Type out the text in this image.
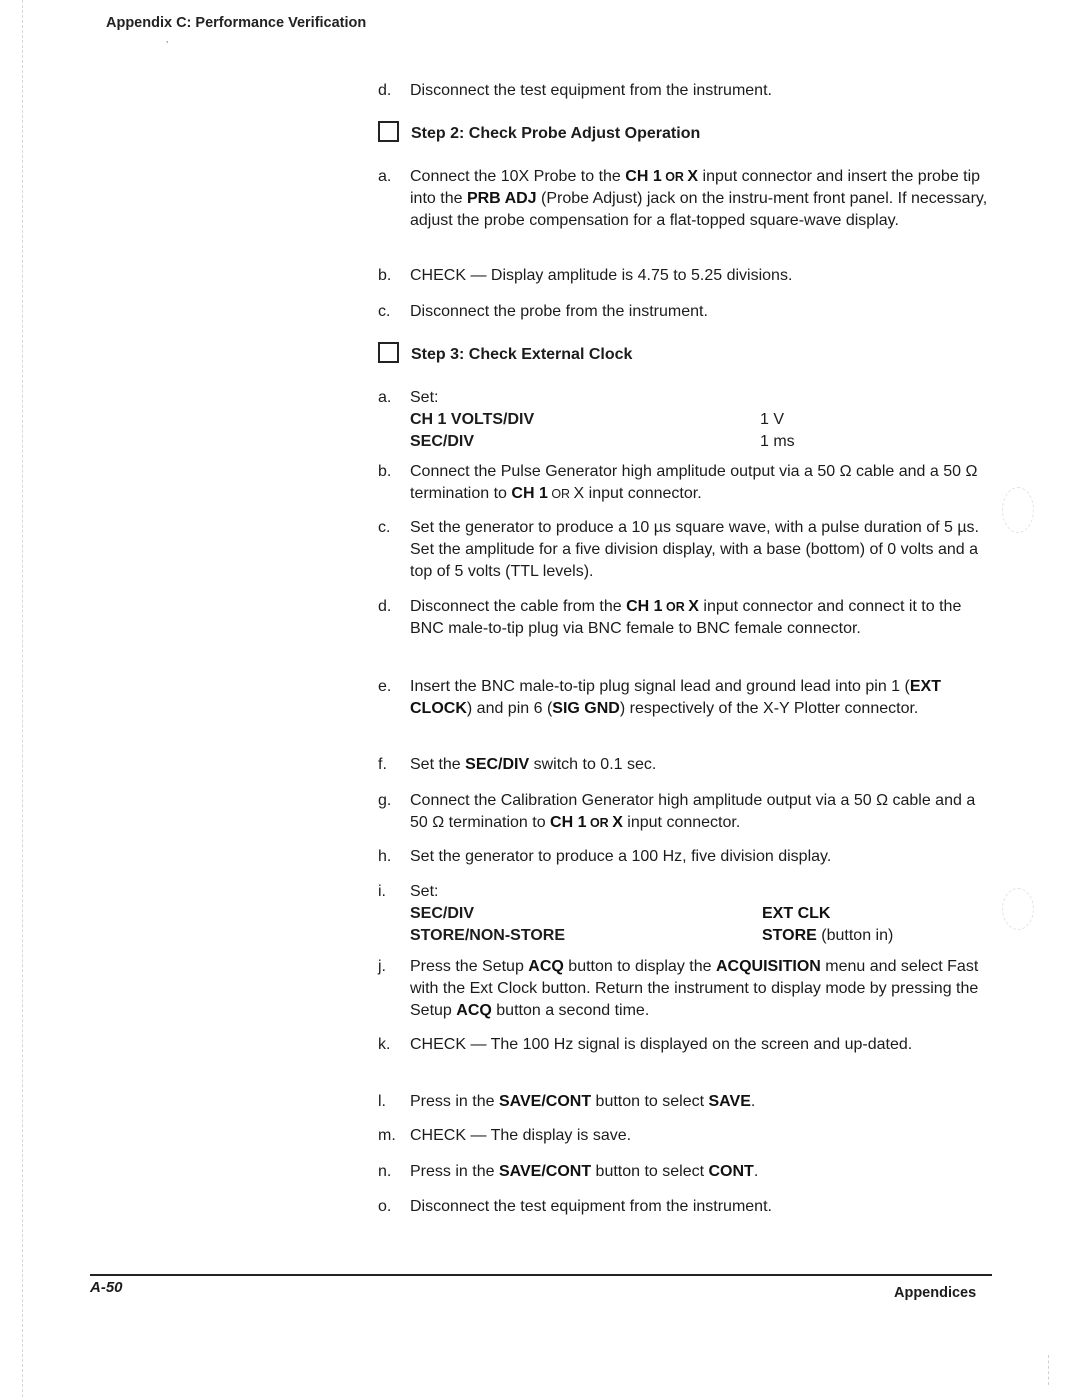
Appendix C: Performance Verification
’
d.	Disconnect the test equipment from the instrument.
Step 2: Check Probe Adjust Operation
a.	Connect the 10X Probe to the CH 1 OR X input connector and insert the probe tip into the PRB ADJ (Probe Adjust) jack on the instru-ment front panel. If necessary, adjust the probe compensation for a flat-topped square-wave display.
b.	CHECK — Display amplitude is 4.75 to 5.25 divisions.
c.	Disconnect the probe from the instrument.
Step 3: Check External Clock
a.	Set:
CH 1 VOLTS/DIV	1 V
SEC/DIV	1 ms
b.	Connect the Pulse Generator high amplitude output via a 50 Ω cable and a 50 Ω termination to CH 1 OR X input connector.
c.	Set the generator to produce a 10 µs square wave, with a pulse duration of 5 µs. Set the amplitude for a five division display, with a base (bottom) of 0 volts and a top of 5 volts (TTL levels).
d.	Disconnect the cable from the CH 1 OR X input connector and connect it to the BNC male-to-tip plug via BNC female to BNC female connector.
e.	Insert the BNC male-to-tip plug signal lead and ground lead into pin 1 (EXT CLOCK) and pin 6 (SIG GND) respectively of the X-Y Plotter connector.
f.	Set the SEC/DIV switch to 0.1 sec.
g.	Connect the Calibration Generator high amplitude output via a 50 Ω cable and a 50 Ω termination to CH 1 OR X input connector.
h.	Set the generator to produce a 100 Hz, five division display.
i.	Set:
SEC/DIV	EXT CLK
STORE/NON-STORE	STORE (button in)
j.	Press the Setup ACQ button to display the ACQUISITION menu and select Fast with the Ext Clock button. Return the instrument to display mode by pressing the Setup ACQ button a second time.
k.	CHECK — The 100 Hz signal is displayed on the screen and up-dated.
l.	Press in the SAVE/CONT button to select SAVE.
m. CHECK — The display is save.
n.	Press in the SAVE/CONT button to select CONT.
o.	Disconnect the test equipment from the instrument.
A-50	Appendices
